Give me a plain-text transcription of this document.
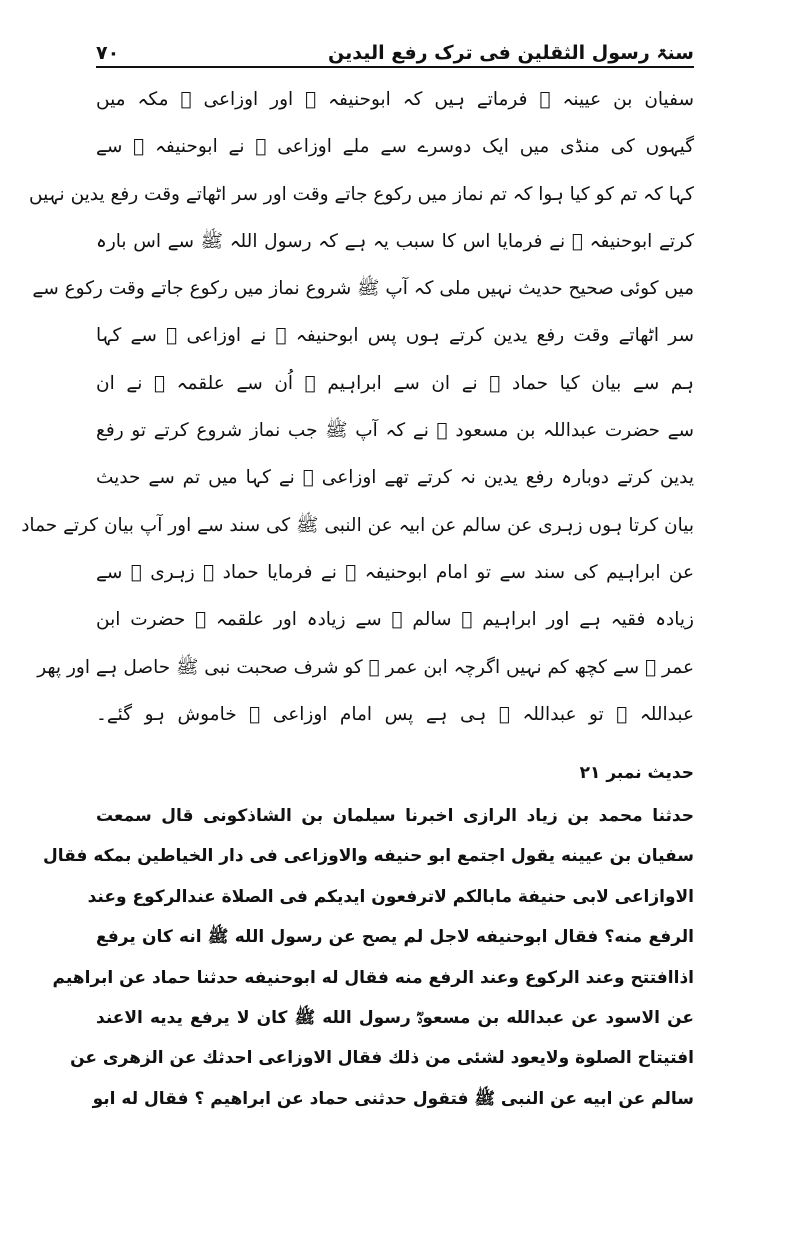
سنۃ رسول الثقلین فی ترک رفع الیدین
۷۰
سفیان بن عیینہ ﷫ فرماتے ہیں کہ ابوحنیفہ ﷫ اور اوزاعی ﷫ مکہ میں
گیہوں کی منڈی میں ایک دوسرے سے ملے اوزاعی ﷫ نے ابوحنیفہ ﷫ سے
کہا کہ تم کو کیا ہوا کہ تم نماز میں رکوع جاتے وقت اور سر اٹھاتے وقت رفع یدین نہیں
کرتے ابوحنیفہ ﷫ نے فرمایا اس کا سبب یہ ہے کہ رسول اللہ ﷺ سے اس بارہ
میں کوئی صحیح حدیث نہیں ملی کہ آپ ﷺ شروع نماز میں رکوع جاتے وقت رکوع سے
سر اٹھاتے وقت رفع یدین کرتے ہوں پس ابوحنیفہ ﷫ نے اوزاعی ﷫ سے کہا
ہم سے بیان کیا حماد ﷫ نے ان سے ابراہیم ﷫ اُن سے علقمہ ﷫ نے ان
سے حضرت عبداللہ بن مسعود ﷛ نے کہ آپ ﷺ جب نماز شروع کرتے تو رفع
یدین کرتے دوبارہ رفع یدین نہ کرتے تھے اوزاعی ﷫ نے کہا میں تم سے حدیث
بیان کرتا ہوں زہری عن سالم عن ابیہ عن النبی ﷺ کی سند سے اور آپ بیان کرتے حماد
عن ابراہیم کی سند سے تو امام ابوحنیفہ ﷫ نے فرمایا حماد ﷫ زہری ﷫ سے
زیادہ فقیہ ہے اور ابراہیم ﷫ سالم ﷫ سے زیادہ اور علقمہ ﷫ حضرت ابن
عمر ﷛ سے کچھ کم نہیں اگرچہ ابن عمر ﷛ کو شرف صحبت نبی ﷺ حاصل ہے اور پھر
عبداللہ ﷛ تو عبداللہ ﷛ ہی ہے پس امام اوزاعی ﷫ خاموش ہو گئے۔
حدیث نمبر ۲۱
حدثنا محمد بن زیاد الرازی اخبرنا سیلمان بن الشاذکونی قال سمعت
سفیان بن عیینه یقول اجتمع ابو حنیفه والاوزاعی فی دار الخیاطین بمکه فقال
الاوازاعی لابی حنیفة مابالکم لاترفعون ایدیکم فی الصلاة عندالرکوع وعند
الرفع منه؟ فقال ابوحنیفه لاجل لم یصح عن رسول الله ﷺ انه کان یرفع
اذاافتتح وعند الرکوع وعند الرفع منه فقال له ابوحنیفه حدثنا حماد عن ابراهیم
عن الاسود عن عبدالله بن مسعودؓ رسول الله ﷺ کان لا یرفع یدیه الاعند
افتیتاح الصلوة ولایعود لشئی من ذلك فقال الاوزاعی احدثك عن الزهری عن
سالم عن ابیه عن النبی ﷺ فتقول حدثنی حماد عن ابراهیم ؟ فقال له ابو
